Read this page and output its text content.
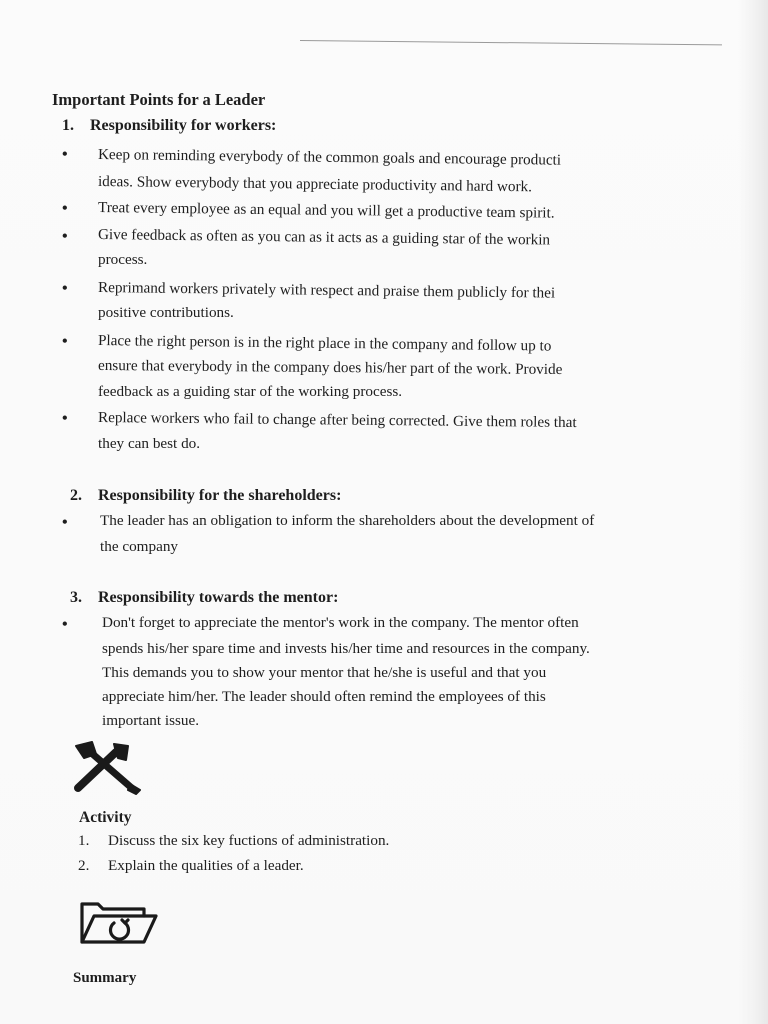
Important Points for a Leader
1. Responsibility for workers:
• Keep on reminding everybody of the common goals and encourage producti
ideas. Show everybody that you appreciate productivity and hard work.
• Treat every employee as an equal and you will get a productive team spirit.
• Give feedback as often as you can as it acts as a guiding star of the workin
process.
• Reprimand workers privately with respect and praise them publicly for thei
positive contributions.
• Place the right person is in the right place in the company and follow up to
ensure that everybody in the company does his/her part of the work. Provide
feedback as a guiding star of the working process.
• Replace workers who fail to change after being corrected. Give them roles that
they can best do.
2. Responsibility for the shareholders:
• The leader has an obligation to inform the shareholders about the development of
the company
3. Responsibility towards the mentor:
• Don't forget to appreciate the mentor's work in the company. The mentor often
spends his/her spare time and invests his/her time and resources in the company.
This demands you to show your mentor that he/she is useful and that you
appreciate him/her. The leader should often remind the employees of this
important issue.
Activity
1. Discuss the six key fuctions of administration.
2. Explain the qualities of a leader.
Summary
